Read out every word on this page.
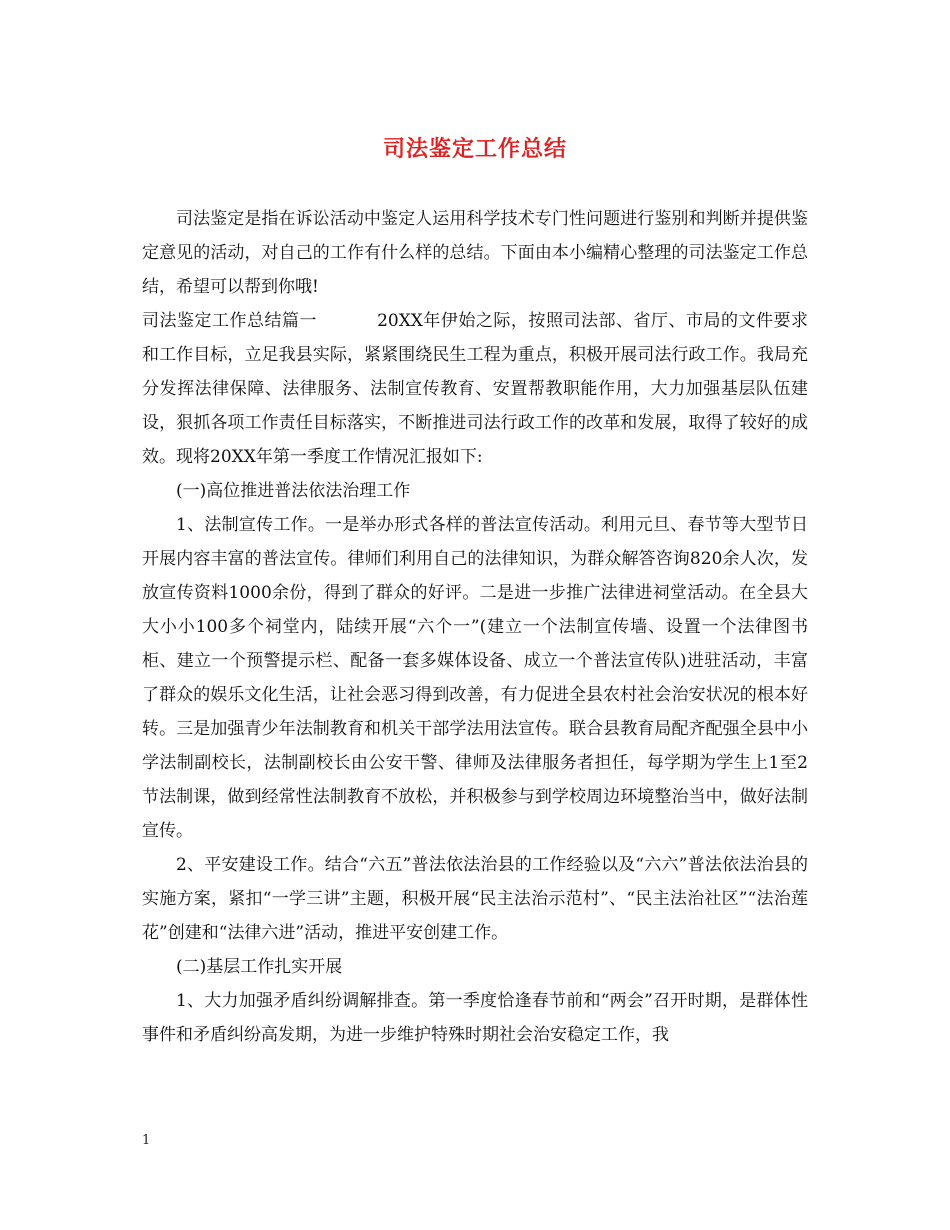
司法鉴定工作总结

司法鉴定是指在诉讼活动中鉴定人运用科学技术专门性问题进行鉴别和判断并提供鉴定意见的活动，对自己的工作有什么样的总结。下面由本小编精心整理的司法鉴定工作总结，希望可以帮到你哦!

司法鉴定工作总结篇一	20XX年伊始之际，按照司法部、省厅、市局的文件要求和工作目标，立足我县实际，紧紧围绕民生工程为重点，积极开展司法行政工作。我局充分发挥法律保障、法律服务、法制宣传教育、安置帮教职能作用，大力加强基层队伍建设，狠抓各项工作责任目标落实，不断推进司法行政工作的改革和发展，取得了较好的成效。现将20XX年第一季度工作情况汇报如下:

(一)高位推进普法依法治理工作

1、法制宣传工作。一是举办形式各样的普法宣传活动。利用元旦、春节等大型节日开展内容丰富的普法宣传。律师们利用自己的法律知识，为群众解答咨询820余人次，发放宣传资料1000余份，得到了群众的好评。二是进一步推广法律进祠堂活动。在全县大大小小100多个祠堂内，陆续开展“六个一”(建立一个法制宣传墙、设置一个法律图书柜、建立一个预警提示栏、配备一套多媒体设备、成立一个普法宣传队)进驻活动，丰富了群众的娱乐文化生活，让社会恶习得到改善，有力促进全县农村社会治安状况的根本好转。三是加强青少年法制教育和机关干部学法用法宣传。联合县教育局配齐配强全县中小学法制副校长，法制副校长由公安干警、律师及法律服务者担任，每学期为学生上1至2节法制课，做到经常性法制教育不放松，并积极参与到学校周边环境整治当中，做好法制宣传。

2、平安建设工作。结合“六五”普法依法治县的工作经验以及“六六”普法依法治县的实施方案，紧扣“一学三讲”主题，积极开展“民主法治示范村”、“民主法治社区”“法治莲花”创建和“法律六进”活动，推进平安创建工作。

(二)基层工作扎实开展

1、大力加强矛盾纠纷调解排查。第一季度恰逢春节前和“两会”召开时期，是群体性事件和矛盾纠纷高发期，为进一步维护特殊时期社会治安稳定工作，我

1
